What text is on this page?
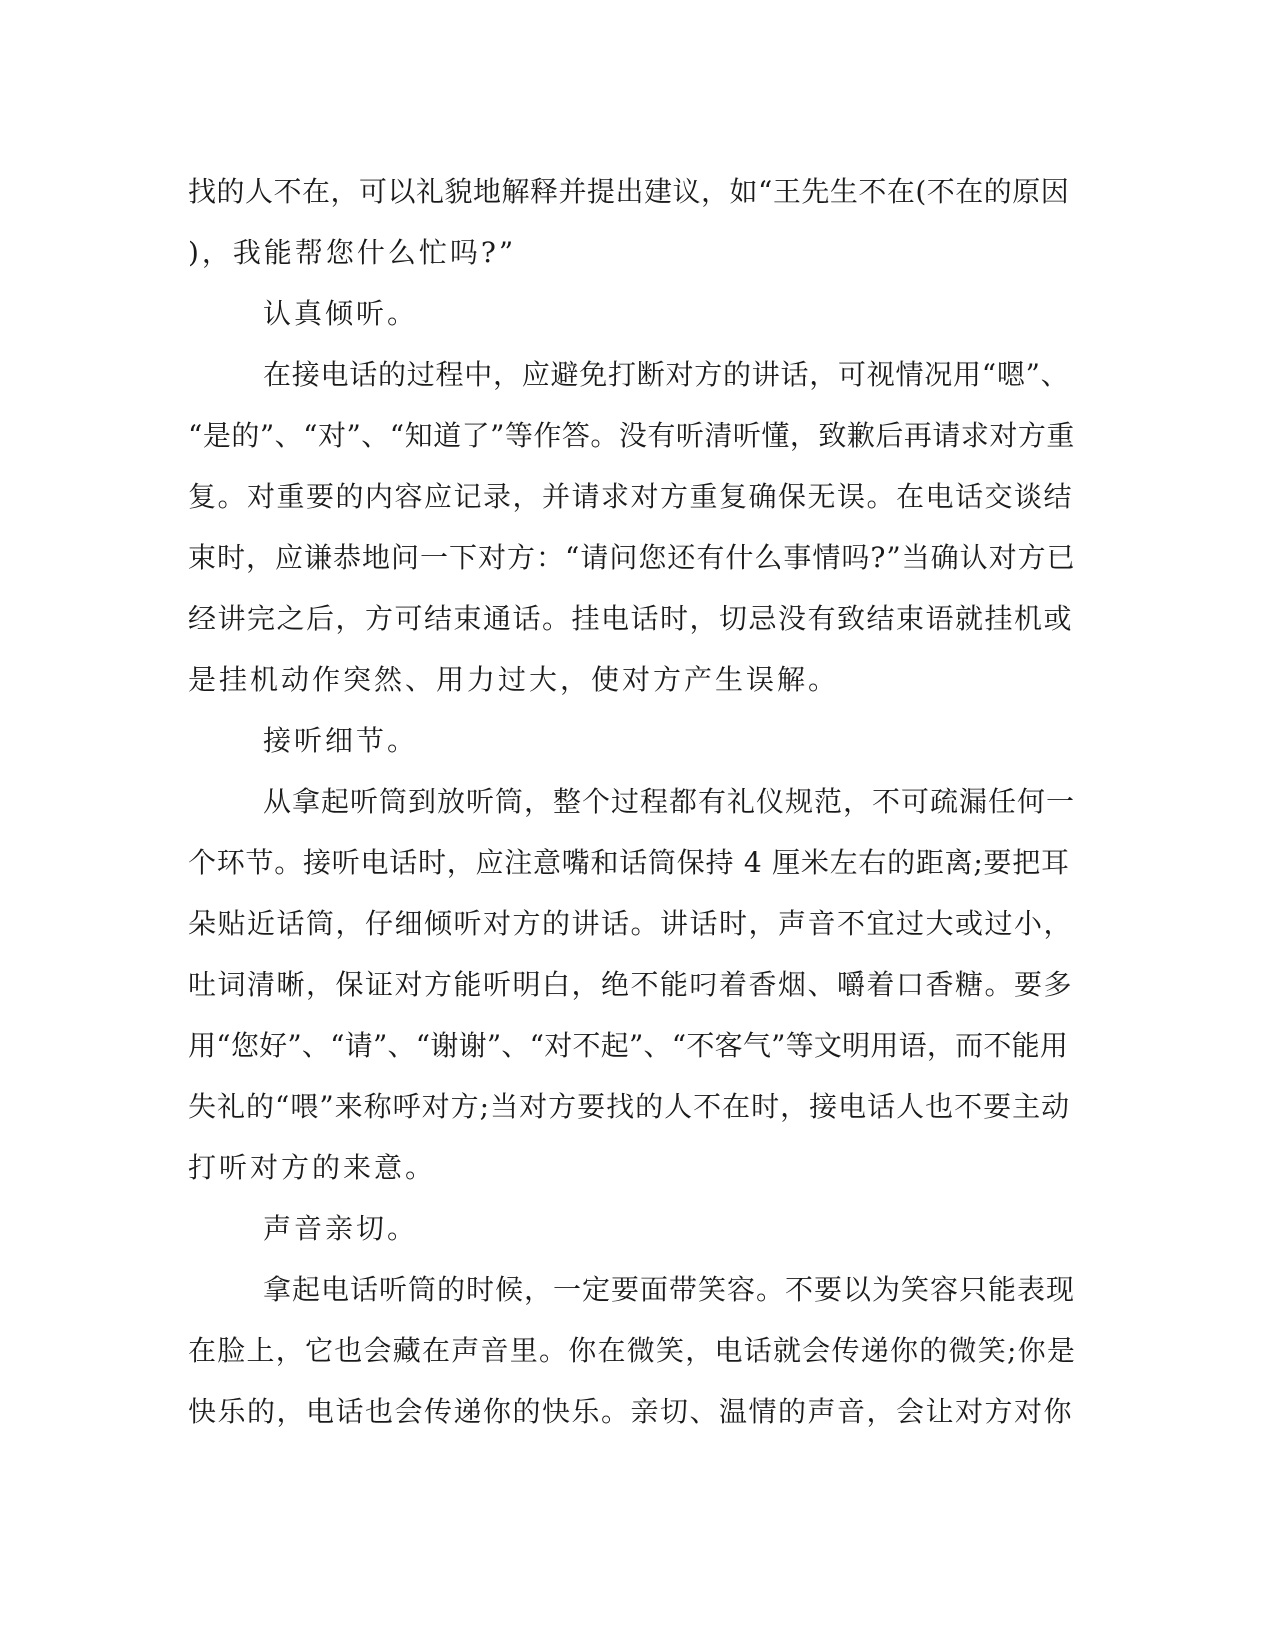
找的人不在，可以礼貌地解释并提出建议，如“王先生不在(不在的原因
)，我能帮您什么忙吗?”
认真倾听。
在接电话的过程中，应避免打断对方的讲话，可视情况用“嗯”、
“是的”、“对”、“知道了”等作答。没有听清听懂，致歉后再请求对方重
复。对重要的内容应记录，并请求对方重复确保无误。在电话交谈结
束时，应谦恭地问一下对方：“请问您还有什么事情吗?”当确认对方已
经讲完之后，方可结束通话。挂电话时，切忌没有致结束语就挂机或
是挂机动作突然、用力过大，使对方产生误解。
接听细节。
从拿起听筒到放听筒，整个过程都有礼仪规范，不可疏漏任何一
个环节。接听电话时，应注意嘴和话筒保持 4 厘米左右的距离;要把耳
朵贴近话筒，仔细倾听对方的讲话。讲话时，声音不宜过大或过小，
吐词清晰，保证对方能听明白，绝不能叼着香烟、嚼着口香糖。要多
用“您好”、“请”、“谢谢”、“对不起”、“不客气”等文明用语，而不能用
失礼的“喂”来称呼对方;当对方要找的人不在时，接电话人也不要主动
打听对方的来意。
声音亲切。
拿起电话听筒的时候，一定要面带笑容。不要以为笑容只能表现
在脸上，它也会藏在声音里。你在微笑，电话就会传递你的微笑;你是
快乐的，电话也会传递你的快乐。亲切、温情的声音，会让对方对你
